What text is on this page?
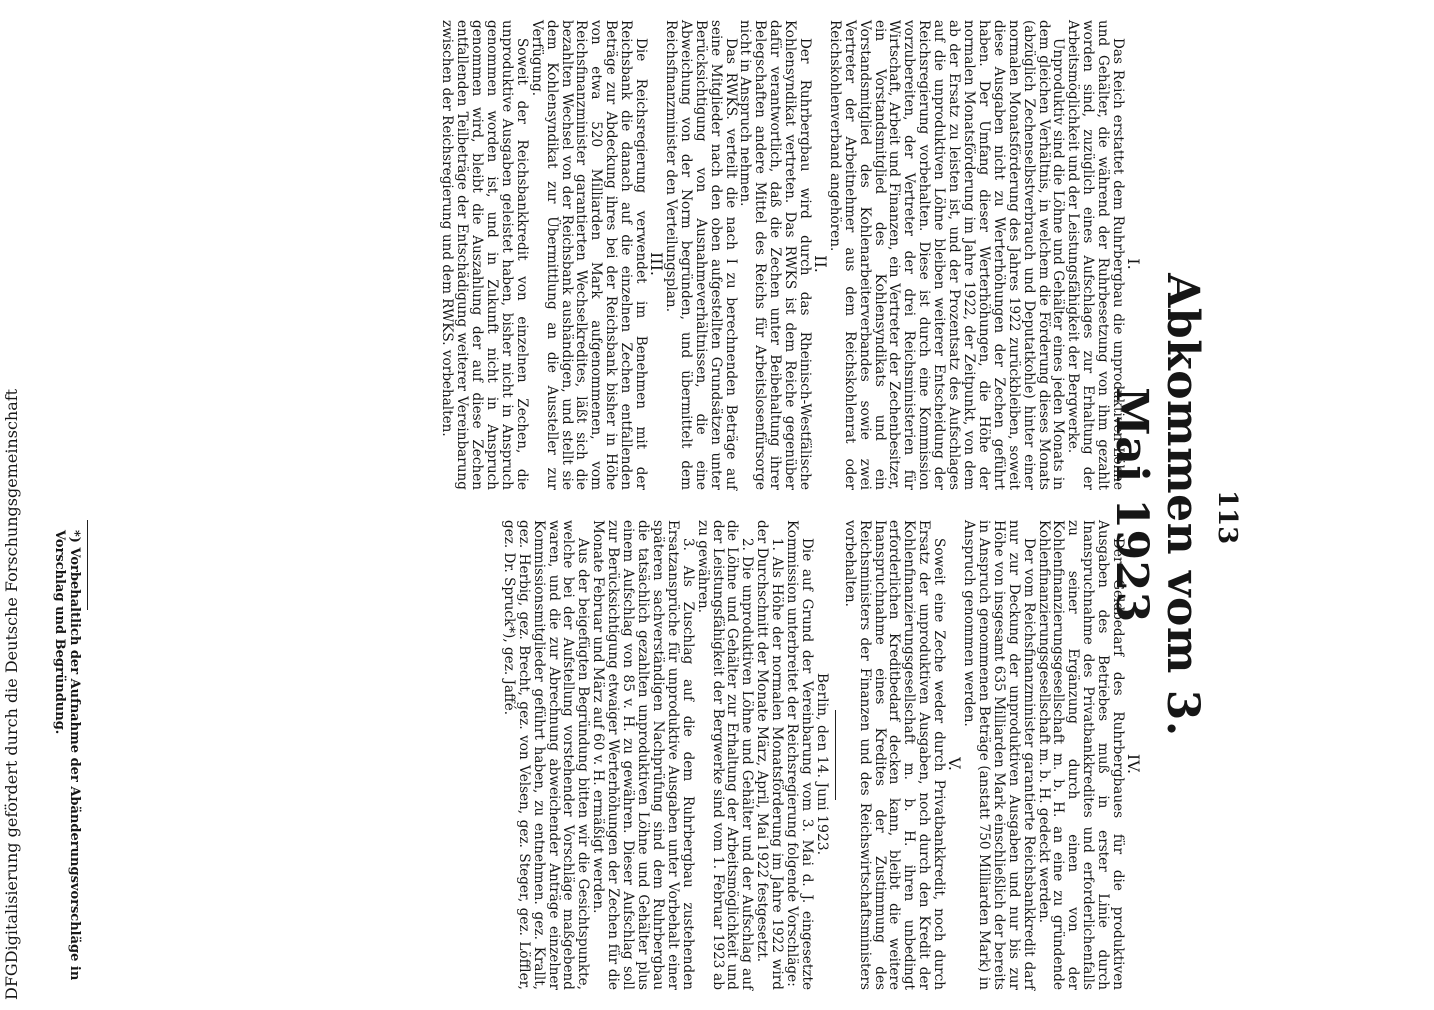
113
Abkommen vom 3. Mai 1923

I.

Das Reich erstattet dem Ruhrbergbau die unproduktiven Löhne und Gehälter, die während der Ruhrbesetzung von ihm gezahlt worden sind, zuzüglich eines Aufschlages zur Erhaltung der Arbeitsmöglichkeit und der Leistungsfähigkeit der Bergwerke.

Unproduktiv sind die Löhne und Gehälter eines jeden Monats in dem gleichen Verhältnis, in welchem die Förderung dieses Monats (abzüglich Zechenselbstverbrauch und Deputatkohle) hinter einer normalen Monatsförderung des Jahres 1922 zurückbleiben, soweit diese Ausgaben nicht zu Werterhöhungen der Zechen geführt haben. Der Umfang dieser Werterhöhungen, die Höhe der normalen Monatsförderung im Jahre 1922, der Zeitpunkt, von dem ab der Ersatz zu leisten ist, und der Prozentsatz des Aufschlages auf die unproduktiven Löhne bleiben weiterer Entscheidung der Reichsregierung vorbehalten. Diese ist durch eine Kommission vorzubereiten, der Vertreter der drei Reichsministerien für Wirtschaft, Arbeit und Finanzen, ein Vertreter der Zechenbesitzer, ein Vorstandsmitglied des Kohlensyndikats und ein Vorstandsmitglied des Kohlenarbeiterverbandes sowie zwei Vertreter der Arbeitnehmer aus dem Reichskohlenrat oder Reichskohlenverband angehören.

II.

Der Ruhrbergbau wird durch das Rheinisch-Westfälische Kohlensyndikat vertreten. Das RWKS ist dem Reiche gegenüber dafür verantwortlich, daß die Zechen unter Beibehaltung ihrer Belegschaften andere Mittel des Reichs für Arbeitslosenfürsorge nicht in Anspruch nehmen.

Das RWKS. verteilt die nach I zu berechnenden Beträge auf seine Mitglieder nach den oben aufgestellten Grundsätzen unter Berücksichtigung von Ausnahmeverhältnissen, die eine Abweichung von der Norm begründen, und übermittelt dem Reichsfinanzminister den Verteilungsplan.

III.

Die Reichsregierung verwendet im Benehmen mit der Reichsbank die danach auf die einzelnen Zechen entfallenden Beträge zur Abdeckung ihres bei der Reichsbank bisher in Höhe von etwa 520 Milliarden Mark aufgenommenen, vom Reichsfinanzminister garantierten Wechselkredites, läßt sich die bezahlten Wechsel von der Reichsbank aushändigen, und stellt sie dem Kohlensyndikat zur Übermittlung an die Aussteller zur Verfügung.

Soweit der Reichsbankkredit von einzelnen Zechen, die unproduktive Ausgaben geleistet haben, bisher nicht in Anspruch genommen worden ist, und in Zukunft nicht in Anspruch genommen wird, bleibt die Auszahlung der auf diese Zechen entfallenden Teilbeträge der Entschädigung weiterer Vereinbarung zwischen der Reichsregierung und dem RWKS. vorbehalten.

IV.

Der Geldbedarf des Ruhrbergbaues für die produktiven Ausgaben des Betriebes muß in erster Linie durch Inanspruchnahme des Privatbankkredites und erforderlichenfalls zu seiner Ergänzung durch einen von der Kohlenfinanzierungsgesellschaft m. b. H. an eine zu gründende Kohlenfinanzierungsgesellschaft m. b. H. gedeckt werden.

Der vom Reichsfinanzminister garantierte Reichsbankkredit darf nur zur Deckung der unproduktiven Ausgaben und nur bis zur Höhe von insgesamt 635 Milliarden Mark einschließlich der bereits in Anspruch genommenen Beträge (anstatt 750 Milliarden Mark) in Anspruch genommen werden.

V.

Soweit eine Zeche weder durch Privatbankkredit, noch durch Ersatz der unproduktiven Ausgaben, noch durch den Kredit der Kohlenfinanzierungsgesellschaft m. b. H. ihren unbedingt erforderlichen Kreditbedarf decken kann, bleibt die weitere Inanspruchnahme eines Kredites der Zustimmung des Reichsministers der Finanzen und des Reichswirtschaftsministers vorbehalten.

Berlin, den 14. Juni 1923.

Die auf Grund der Vereinbarung vom 3. Mai d. J. eingesetzte Kommission unterbreitet der Reichsregierung folgende Vorschläge:

1. Als Höhe der normalen Monatsförderung im Jahre 1922 wird der Durchschnitt der Monate März, April, Mai 1922 festgesetzt.

2. Die unproduktiven Löhne und Gehälter und der Aufschlag auf die Löhne und Gehälter zur Erhaltung der Arbeitsmöglichkeit und der Leistungsfähigkeit der Bergwerke sind vom 1. Februar 1923 ab zu gewähren.

3. Als Zuschlag auf die dem Ruhrbergbau zustehenden Ersatzansprüche für unproduktive Ausgaben unter Vorbehalt einer späteren sachverständigen Nachprüfung sind dem Ruhrbergbau die tatsächlich gezahlten unproduktiven Löhne und Gehälter plus einem Aufschlag von 85 v. H. zu gewähren. Dieser Aufschlag soll zur Berücksichtigung etwaiger Werterhöhungen der Zechen für die Monate Februar und März auf 60 v. H. ermäßigt werden.

Aus der beigefügten Begründung bitten wir die Gesichtspunkte, welche bei der Aufstellung vorstehender Vorschläge maßgebend waren, und die zur Abrechnung abweichender Anträge einzelner Kommissionsmitglieder geführt haben, zu entnehmen. gez. Krallt, gez. Herbig, gez. Brecht, gez. von Velsen, gez. Steger, gez. Löffler, gez. Dr. Spruck*), gez. Jaffé.

*) Vorbehaltlich der Aufnahme der Abänderungsvorschläge in Vorschlag und Begründung.
DFGDigitalisierung gefördert durch die Deutsche Forschungsgemeinschaft
